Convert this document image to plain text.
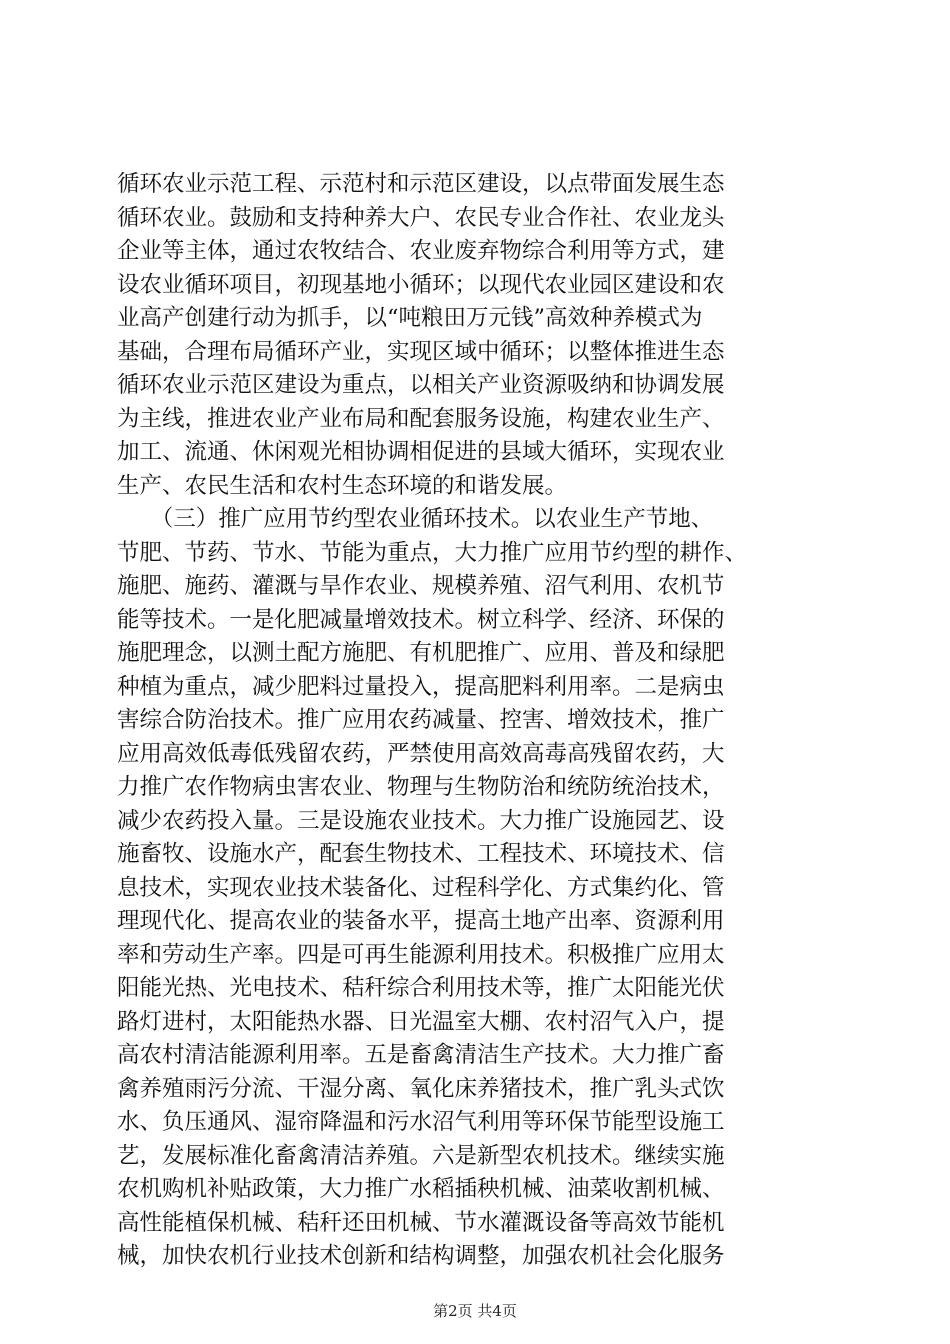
循环农业示范工程、示范村和示范区建设，以点带面发展生态
循环农业。鼓励和支持种养大户、农民专业合作社、农业龙头
企业等主体，通过农牧结合、农业废弃物综合利用等方式，建
设农业循环项目，初现基地小循环；以现代农业园区建设和农
业高产创建行动为抓手，以“吨粮田万元钱”高效种养模式为
基础，合理布局循环产业，实现区域中循环；以整体推进生态
循环农业示范区建设为重点，以相关产业资源吸纳和协调发展
为主线，推进农业产业布局和配套服务设施，构建农业生产、
加工、流通、休闲观光相协调相促进的县域大循环，实现农业
生产、农民生活和农村生态环境的和谐发展。
　　（三）推广应用节约型农业循环技术。以农业生产节地、
节肥、节药、节水、节能为重点，大力推广应用节约型的耕作、
施肥、施药、灌溉与旱作农业、规模养殖、沼气利用、农机节
能等技术。一是化肥减量增效技术。树立科学、经济、环保的
施肥理念，以测土配方施肥、有机肥推广、应用、普及和绿肥
种植为重点，减少肥料过量投入，提高肥料利用率。二是病虫
害综合防治技术。推广应用农药减量、控害、增效技术，推广
应用高效低毒低残留农药，严禁使用高效高毒高残留农药，大
力推广农作物病虫害农业、物理与生物防治和统防统治技术，
减少农药投入量。三是设施农业技术。大力推广设施园艺、设
施畜牧、设施水产，配套生物技术、工程技术、环境技术、信
息技术，实现农业技术装备化、过程科学化、方式集约化、管
理现代化、提高农业的装备水平，提高土地产出率、资源利用
率和劳动生产率。四是可再生能源利用技术。积极推广应用太
阳能光热、光电技术、秸秆综合利用技术等，推广太阳能光伏
路灯进村，太阳能热水器、日光温室大棚、农村沼气入户，提
高农村清洁能源利用率。五是畜禽清洁生产技术。大力推广畜
禽养殖雨污分流、干湿分离、氧化床养猪技术，推广乳头式饮
水、负压通风、湿帘降温和污水沼气利用等环保节能型设施工
艺，发展标准化畜禽清洁养殖。六是新型农机技术。继续实施
农机购机补贴政策，大力推广水稻插秧机械、油菜收割机械、
高性能植保机械、秸秆还田机械、节水灌溉设备等高效节能机
械，加快农机行业技术创新和结构调整，加强农机社会化服务
第2页 共4页
